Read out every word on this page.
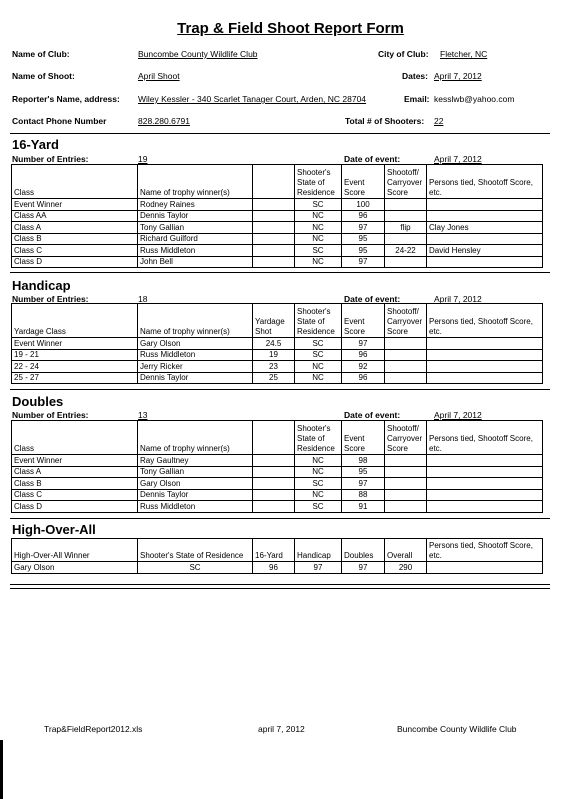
Trap & Field Shoot Report Form
Name of Club:	Buncombe County Wildlife Club	City of Club: Fletcher, NC
Name of Shoot:	April Shoot	Dates: April 7, 2012
Reporter's Name, address: Wiley Kessler - 340 Scarlet Tanager Court, Arden, NC 28704	Email: kesslwb@yahoo.com
Contact Phone Number	828.280.6791	Total # of Shooters: 22
16-Yard
Number of Entries:	19	Date of event:	April 7, 2012
Class	Name of trophy winner(s)		Shooter's State of Residence	Event Score	Shootoff/ Carryover Score	Persons tied, Shootoff Score, etc.
Event Winner	Rodney Raines		SC	100		
Class AA	Dennis Taylor		NC	96		
Class A	Tony Gallian		NC	97	flip	Clay Jones
Class B	Richard Guilford		NC	95		
Class C	Russ Middleton		SC	95	24-22	David Hensley
Class D	John Bell		NC	97		
Handicap
Number of Entries:	18	Date of event:	April 7, 2012
Yardage Class	Name of trophy winner(s)	Yardage Shot	Shooter's State of Residence	Event Score	Shootoff/ Carryover Score	Persons tied, Shootoff Score, etc.
Event Winner	Gary Olson	24.5	SC	97		
19 - 21	Russ Middleton	19	SC	96		
22 - 24	Jerry Ricker	23	NC	92		
25 - 27	Dennis Taylor	25	NC	96		
Doubles
Number of Entries:	13	Date of event:	April 7, 2012
Class	Name of trophy winner(s)		Shooter's State of Residence	Event Score	Shootoff/ Carryover Score	Persons tied, Shootoff Score, etc.
Event Winner	Ray Gaultney		NC	98		
Class A	Tony Gallian		NC	95		
Class B	Gary Olson		SC	97		
Class C	Dennis Taylor		NC	88		
Class D	Russ Middleton		SC	91		
High-Over-All
High-Over-All Winner	Shooter's State of Residence	16-Yard	Handicap	Doubles	Overall	Persons tied, Shootoff Score, etc.
Gary Olson	SC	96	97	97	290	
Trap&FieldReport2012.xls	april 7, 2012	Buncombe County Wildlife Club
